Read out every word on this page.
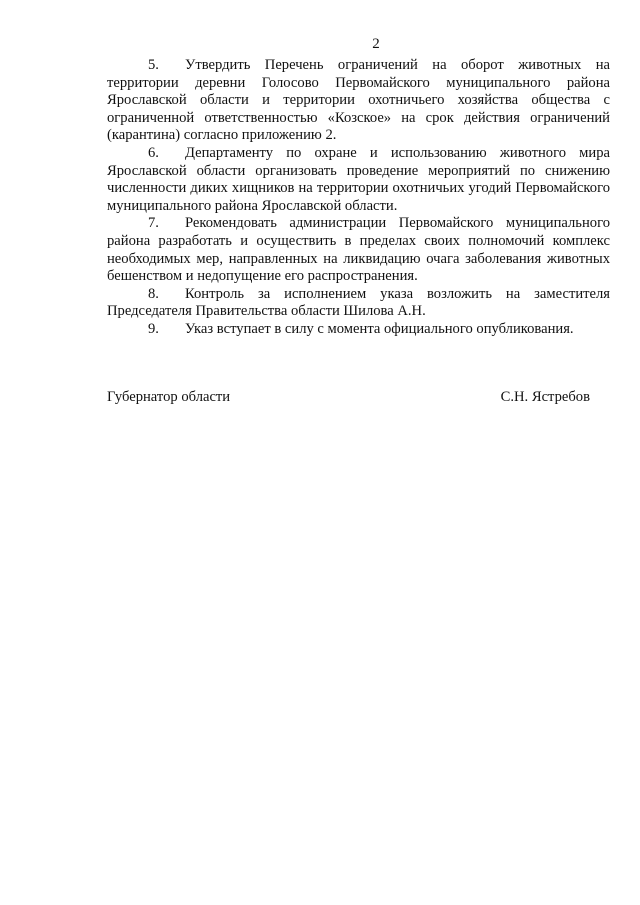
2

5. Утвердить Перечень ограничений на оборот животных на территории деревни Голосово Первомайского муниципального района Ярославской области и территории охотничьего хозяйства общества с ограниченной ответственностью «Козское» на срок действия ограничений (карантина) согласно приложению 2.

6. Департаменту по охране и использованию животного мира Ярославской области организовать проведение мероприятий по снижению численности диких хищников на территории охотничьих угодий Первомайского муниципального района Ярославской области.

7. Рекомендовать администрации Первомайского муниципального района разработать и осуществить в пределах своих полномочий комплекс необходимых мер, направленных на ликвидацию очага заболевания животных бешенством и недопущение его распространения.

8. Контроль за исполнением указа возложить на заместителя Председателя Правительства области Шилова А.Н.

9. Указ вступает в силу с момента официального опубликования.

Губернатор области	С.Н. Ястребов
